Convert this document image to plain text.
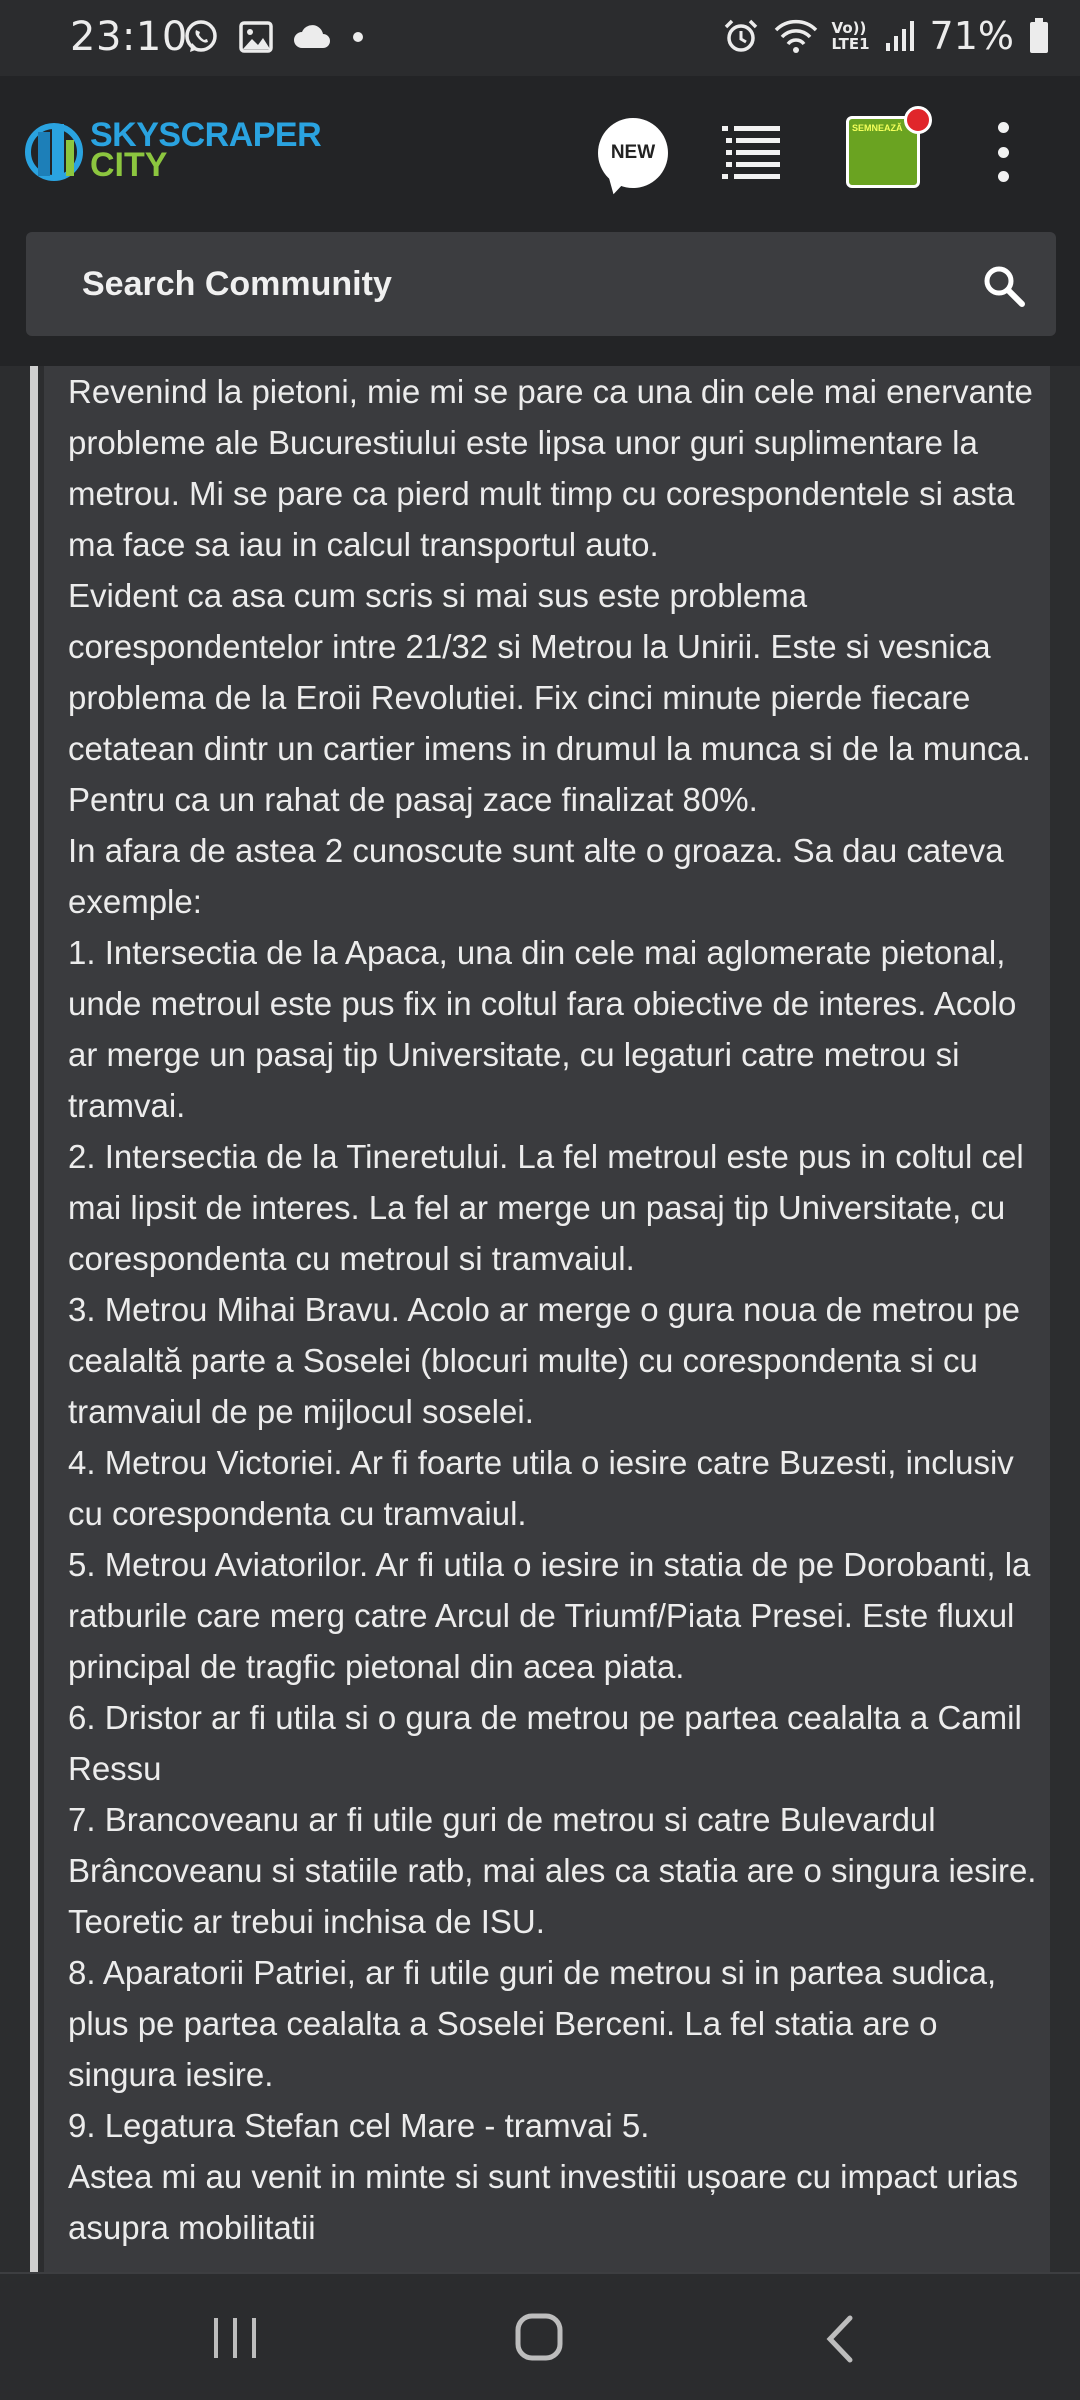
23:10	Vo))
LTE1 71%
SKYSCRAPER
CITY	NEW
SEMNEAZĂ
Search Community

Revenind la pietoni, mie mi se pare ca una din cele mai enervante probleme ale Bucurestiului este lipsa unor guri suplimentare la metrou. Mi se pare ca pierd mult timp cu corespondentele si asta ma face sa iau in calcul transportul auto.

Evident ca asa cum scris si mai sus este problema corespondentelor intre 21/32 si Metrou la Unirii. Este si vesnica problema de la Eroii Revolutiei. Fix cinci minute pierde fiecare cetatean dintr un cartier imens in drumul la munca si de la munca. Pentru ca un rahat de pasaj zace finalizat 80%.

In afara de astea 2 cunoscute sunt alte o groaza. Sa dau cateva exemple:

1. Intersectia de la Apaca, una din cele mai aglomerate pietonal, unde metroul este pus fix in coltul fara obiective de interes. Acolo ar merge un pasaj tip Universitate, cu legaturi catre metrou si tramvai.

2. Intersectia de la Tineretului. La fel metroul este pus in coltul cel mai lipsit de interes. La fel ar merge un pasaj tip Universitate, cu corespondenta cu metroul si tramvaiul.

3. Metrou Mihai Bravu. Acolo ar merge o gura noua de metrou pe cealaltă parte a Soselei (blocuri multe) cu corespondenta si cu tramvaiul de pe mijlocul soselei.

4. Metrou Victoriei. Ar fi foarte utila o iesire catre Buzesti, inclusiv cu corespondenta cu tramvaiul.

5. Metrou Aviatorilor. Ar fi utila o iesire in statia de pe Dorobanti, la ratburile care merg catre Arcul de Triumf/Piata Presei. Este fluxul principal de tragfic pietonal din acea piata.

6. Dristor ar fi utila si o gura de metrou pe partea cealalta a Camil Ressu

7. Brancoveanu ar fi utile guri de metrou si catre Bulevardul Brâncoveanu si statiile ratb, mai ales ca statia are o singura iesire. Teoretic ar trebui inchisa de ISU.

8. Aparatorii Patriei, ar fi utile guri de metrou si in partea sudica, plus pe partea cealalta a Soselei Berceni. La fel statia are o singura iesire.

9. Legatura Stefan cel Mare - tramvai 5.

Astea mi au venit in minte si sunt investitii ușoare cu impact urias asupra mobilitatii
